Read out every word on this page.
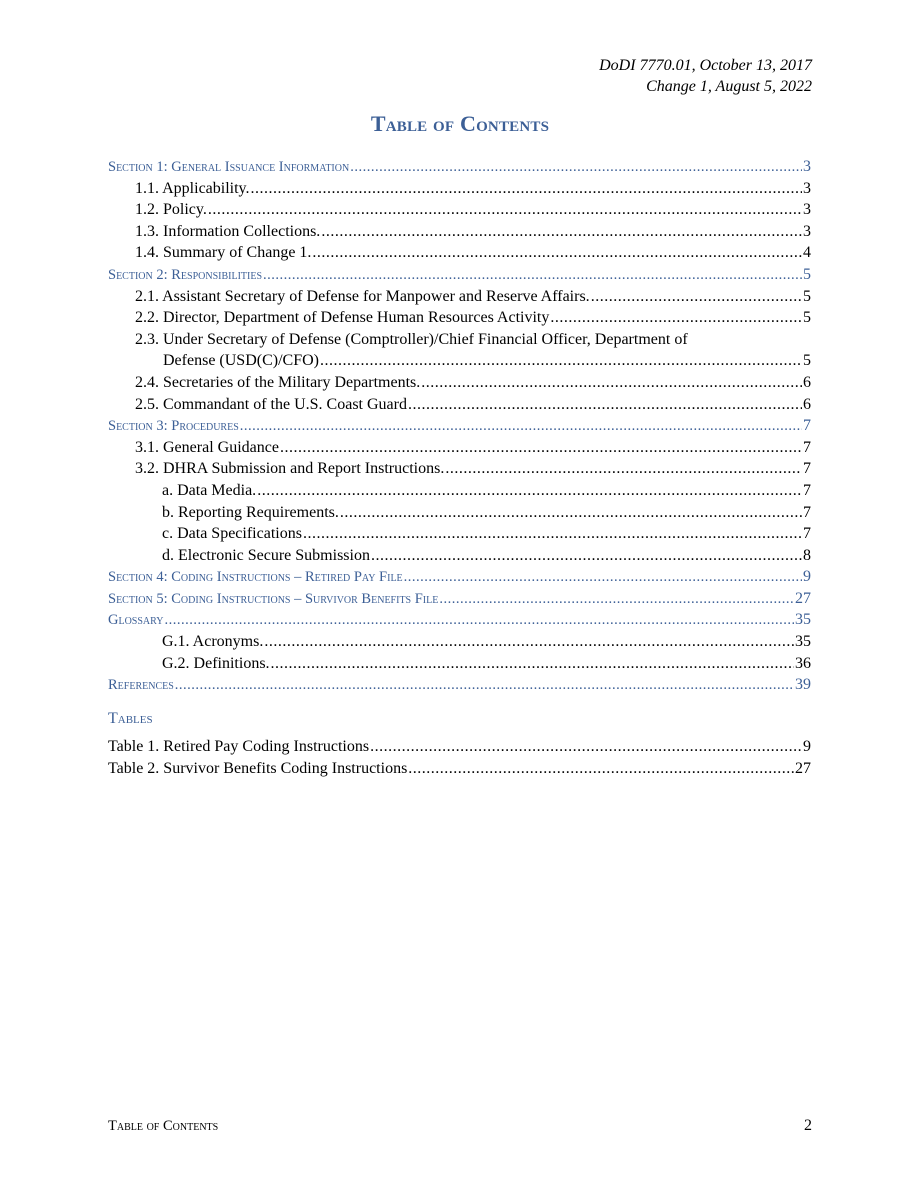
DoDI 7770.01, October 13, 2017
Change 1, August 5, 2022
Table of Contents
Section 1: General Issuance Information .....	3
1.1. Applicability. .....	3
1.2. Policy. .....	3
1.3. Information Collections. .....	3
1.4. Summary of Change 1. .....	4
Section 2: Responsibilities .....	5
2.1. Assistant Secretary of Defense for Manpower and Reserve Affairs. .....	5
2.2. Director, Department of Defense Human Resources Activity .....	5
2.3. Under Secretary of Defense (Comptroller)/Chief Financial Officer, Department of
Defense (USD(C)/CFO) .....	5
2.4. Secretaries of the Military Departments. .....	6
2.5. Commandant of the U.S. Coast Guard .....	6
Section 3: Procedures .....	7
3.1. General Guidance .....	7
3.2. DHRA Submission and Report Instructions. .....	7
a. Data Media. .....	7
b. Reporting Requirements. .....	7
c. Data Specifications .....	7
d. Electronic Secure Submission .....	8
Section 4: Coding Instructions – Retired Pay File .....	9
Section 5: Coding Instructions – Survivor Benefits File .....	27
Glossary .....	35
G.1. Acronyms. .....	35
G.2. Definitions. .....	36
References .....	39
Tables
Table 1. Retired Pay Coding Instructions .....	9
Table 2. Survivor Benefits Coding Instructions .....	27
Table of Contents	2
